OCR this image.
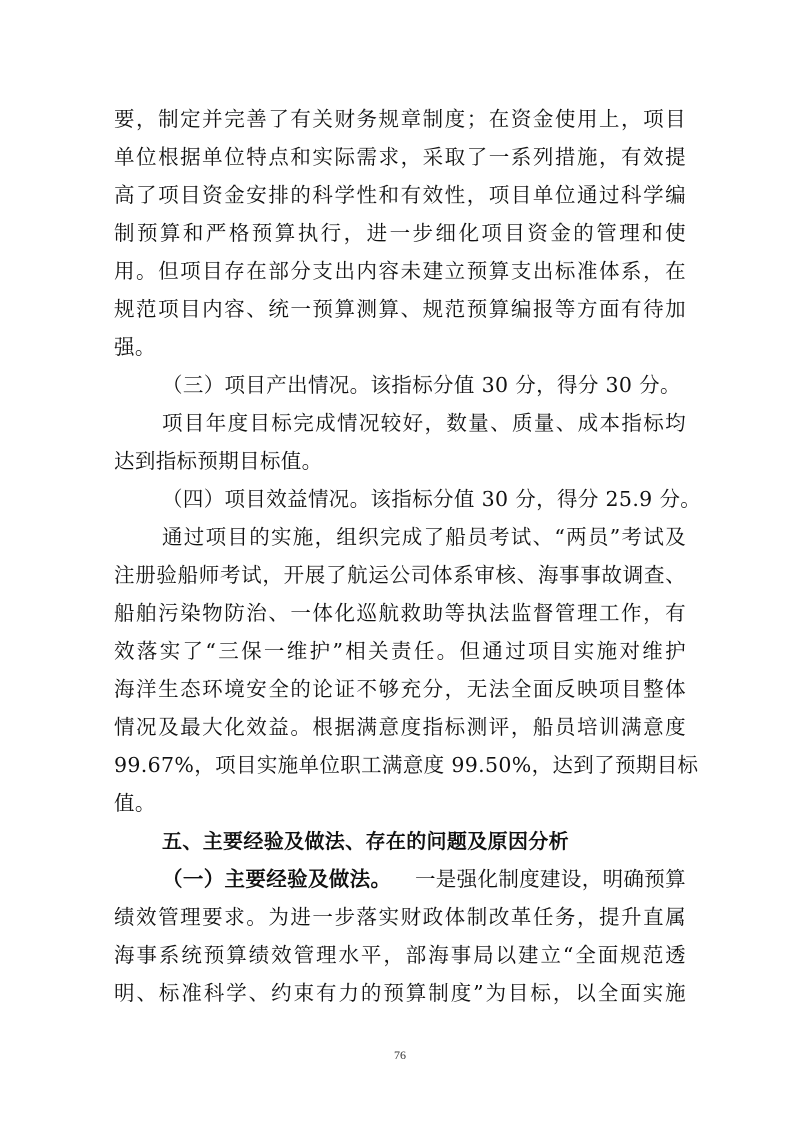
要，制定并完善了有关财务规章制度；在资金使用上，项目
单位根据单位特点和实际需求，采取了一系列措施，有效提
高了项目资金安排的科学性和有效性，项目单位通过科学编
制预算和严格预算执行，进一步细化项目资金的管理和使
用。但项目存在部分支出内容未建立预算支出标准体系，在
规范项目内容、统一预算测算、规范预算编报等方面有待加
强。
（三）项目产出情况。该指标分值 30 分，得分 30 分。
项目年度目标完成情况较好，数量、质量、成本指标均
达到指标预期目标值。
（四）项目效益情况。该指标分值 30 分，得分 25.9 分。
通过项目的实施，组织完成了船员考试、“两员”考试及
注册验船师考试，开展了航运公司体系审核、海事事故调查、
船舶污染物防治、一体化巡航救助等执法监督管理工作，有
效落实了“三保一维护”相关责任。但通过项目实施对维护
海洋生态环境安全的论证不够充分，无法全面反映项目整体
情况及最大化效益。根据满意度指标测评，船员培训满意度
99.67%，项目实施单位职工满意度 99.50%，达到了预期目标
值。
五、主要经验及做法、存在的问题及原因分析
（一）主要经验及做法。 一是强化制度建设，明确预算
绩效管理要求。为进一步落实财政体制改革任务，提升直属
海事系统预算绩效管理水平，部海事局以建立“全面规范透
明、标准科学、约束有力的预算制度”为目标，以全面实施
76
